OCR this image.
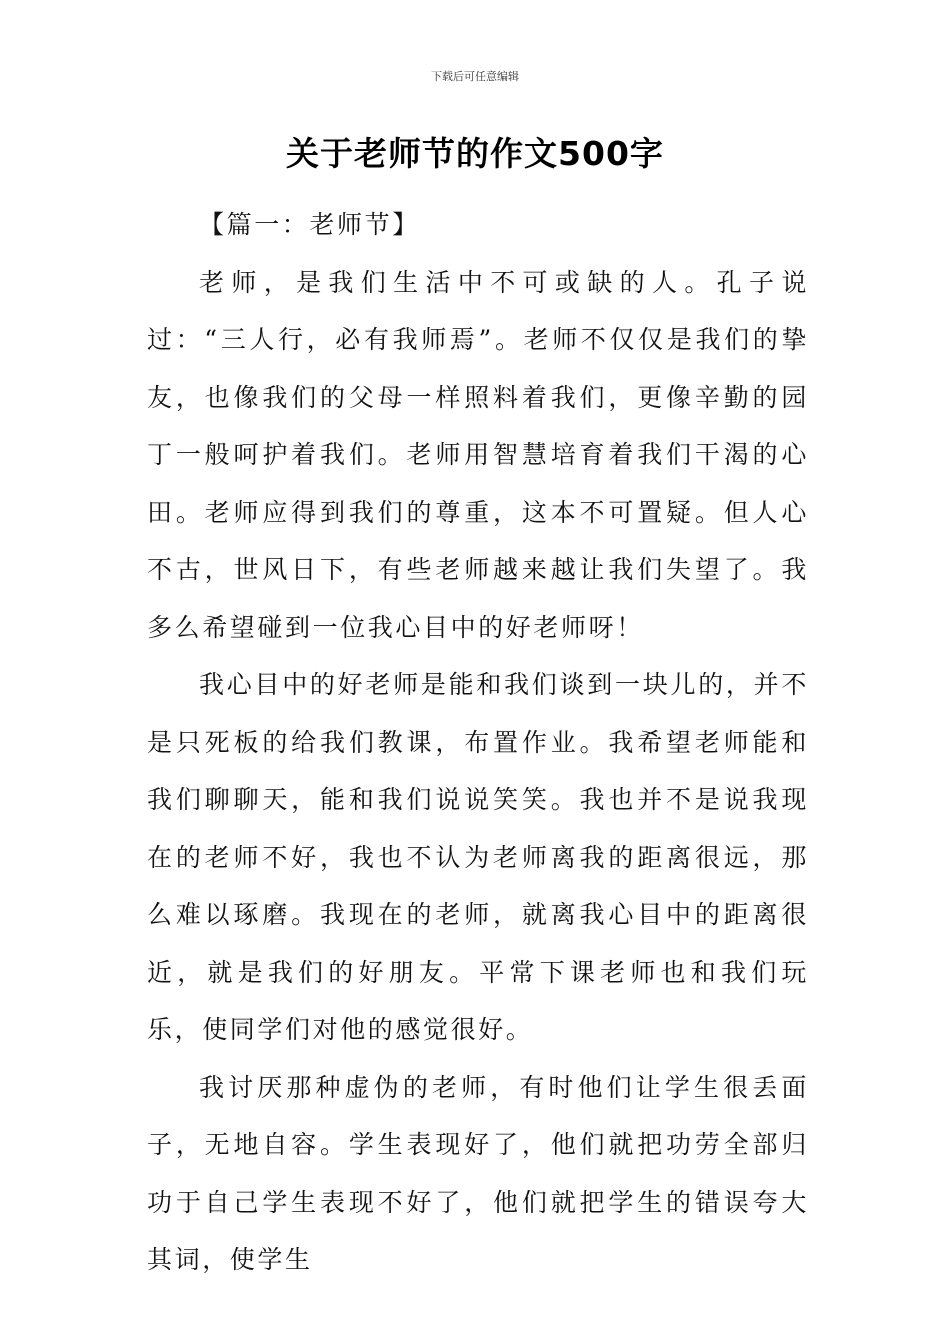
下载后可任意编辑
关于老师节的作文500字

【篇一：老师节】

老师，是我们生活中不可或缺的人。孔子说过：“三人行，必有我师焉”。老师不仅仅是我们的挚友，也像我们的父母一样照料着我们，更像辛勤的园丁一般呵护着我们。老师用智慧培育着我们干渴的心田。老师应得到我们的尊重，这本不可置疑。但人心不古，世风日下，有些老师越来越让我们失望了。我多么希望碰到一位我心目中的好老师呀！

我心目中的好老师是能和我们谈到一块儿的，并不是只死板的给我们教课，布置作业。我希望老师能和我们聊聊天，能和我们说说笑笑。我也并不是说我现在的老师不好，我也不认为老师离我的距离很远，那么难以琢磨。我现在的老师，就离我心目中的距离很近，就是我们的好朋友。平常下课老师也和我们玩乐，使同学们对他的感觉很好。

我讨厌那种虚伪的老师，有时他们让学生很丢面子，无地自容。学生表现好了，他们就把功劳全部归功于自己学生表现不好了，他们就把学生的错误夸大其词，使学生
